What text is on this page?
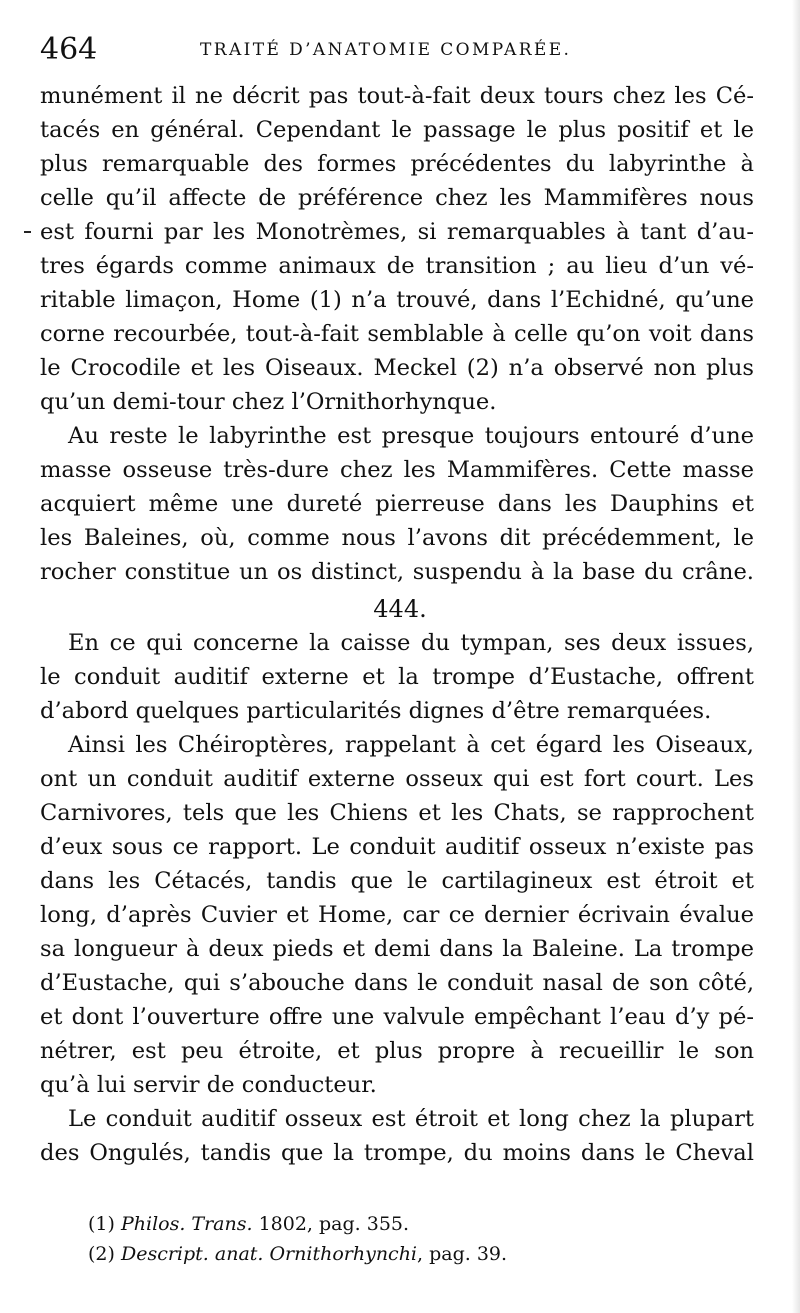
464	TRAITÉ D’ANATOMIE COMPARÉE.
munément il ne décrit pas tout-à-fait deux tours chez les Cé-
tacés en général. Cependant le passage le plus positif et le
plus remarquable des formes précédentes du labyrinthe à
celle qu’il affecte de préférence chez les Mammifères nous
est fourni par les Monotrèmes, si remarquables à tant d’au-
tres égards comme animaux de transition ; au lieu d’un vé-
ritable limaçon, Home (1) n’a trouvé, dans l’Echidné, qu’une
corne recourbée, tout-à-fait semblable à celle qu’on voit dans
le Crocodile et les Oiseaux. Meckel (2) n’a observé non plus
qu’un demi-tour chez l’Ornithorhynque.
Au reste le labyrinthe est presque toujours entouré d’une
masse osseuse très-dure chez les Mammifères. Cette masse
acquiert même une dureté pierreuse dans les Dauphins et
les Baleines, où, comme nous l’avons dit précédemment, le
rocher constitue un os distinct, suspendu à la base du crâne.
En ce qui concerne la caisse du tympan, ses deux issues,
le conduit auditif externe et la trompe d’Eustache, offrent
d’abord quelques particularités dignes d’être remarquées.
Ainsi les Chéiroptères, rappelant à cet égard les Oiseaux,
ont un conduit auditif externe osseux qui est fort court. Les
Carnivores, tels que les Chiens et les Chats, se rapprochent
d’eux sous ce rapport. Le conduit auditif osseux n’existe pas
dans les Cétacés, tandis que le cartilagineux est étroit et
long, d’après Cuvier et Home, car ce dernier écrivain évalue
sa longueur à deux pieds et demi dans la Baleine. La trompe
d’Eustache, qui s’abouche dans le conduit nasal de son côté,
et dont l’ouverture offre une valvule empêchant l’eau d’y pé-
nétrer, est peu étroite, et plus propre à recueillir le son
qu’à lui servir de conducteur.
Le conduit auditif osseux est étroit et long chez la plupart
des Ongulés, tandis que la trompe, du moins dans le Cheval
444.
(1) Philos. Trans. 1802, pag. 355.
(2) Descript. anat. Ornithorhynchi, pag. 39.
